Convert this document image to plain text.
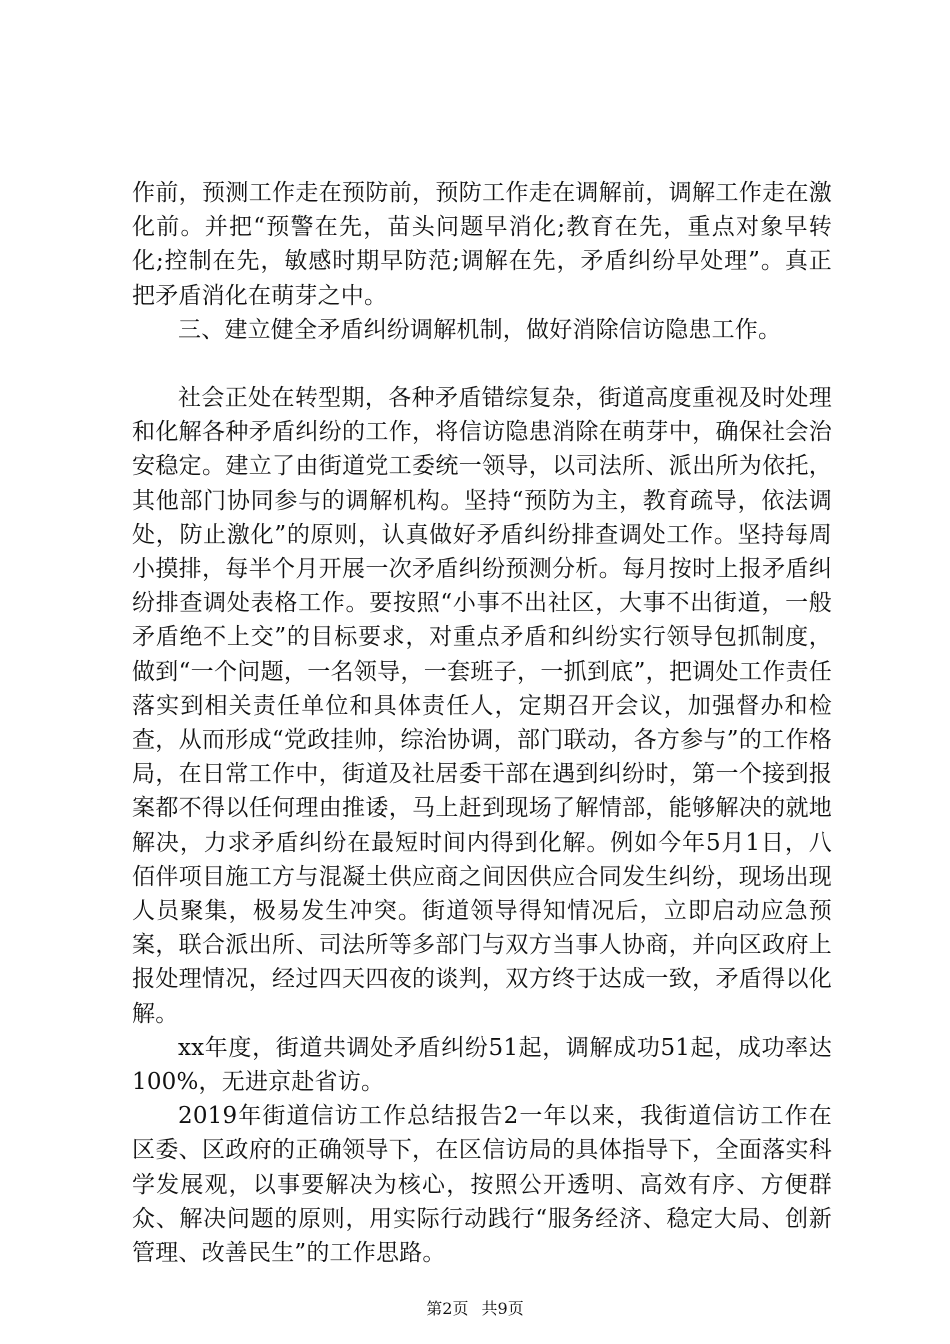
作前，预测工作走在预防前，预防工作走在调解前，调解工作走在激化前。并把“预警在先，苗头问题早消化;教育在先，重点对象早转化;控制在先，敏感时期早防范;调解在先，矛盾纠纷早处理”。真正把矛盾消化在萌芽之中。

三、建立健全矛盾纠纷调解机制，做好消除信访隐患工作。

社会正处在转型期，各种矛盾错综复杂，街道高度重视及时处理和化解各种矛盾纠纷的工作，将信访隐患消除在萌芽中，确保社会治安稳定。建立了由街道党工委统一领导，以司法所、派出所为依托，其他部门协同参与的调解机构。坚持“预防为主，教育疏导，依法调处，防止激化”的原则，认真做好矛盾纠纷排查调处工作。坚持每周小摸排，每半个月开展一次矛盾纠纷预测分析。每月按时上报矛盾纠纷排查调处表格工作。要按照“小事不出社区，大事不出街道，一般矛盾绝不上交”的目标要求，对重点矛盾和纠纷实行领导包抓制度，做到“一个问题，一名领导，一套班子，一抓到底”，把调处工作责任落实到相关责任单位和具体责任人，定期召开会议，加强督办和检查，从而形成“党政挂帅，综治协调，部门联动，各方参与”的工作格局，在日常工作中，街道及社居委干部在遇到纠纷时，第一个接到报案都不得以任何理由推诿，马上赶到现场了解情部，能够解决的就地解决，力求矛盾纠纷在最短时间内得到化解。例如今年5月1日，八佰伴项目施工方与混凝土供应商之间因供应合同发生纠纷，现场出现人员聚集，极易发生冲突。街道领导得知情况后，立即启动应急预案，联合派出所、司法所等多部门与双方当事人协商，并向区政府上报处理情况，经过四天四夜的谈判，双方终于达成一致，矛盾得以化解。

xx年度，街道共调处矛盾纠纷51起，调解成功51起，成功率达100%，无进京赴省访。

2019年街道信访工作总结报告2一年以来，我街道信访工作在区委、区政府的正确领导下，在区信访局的具体指导下，全面落实科学发展观，以事要解决为核心，按照公开透明、高效有序、方便群众、解决问题的原则，用实际行动践行“服务经济、稳定大局、创新管理、改善民生”的工作思路。

第2页 共9页
